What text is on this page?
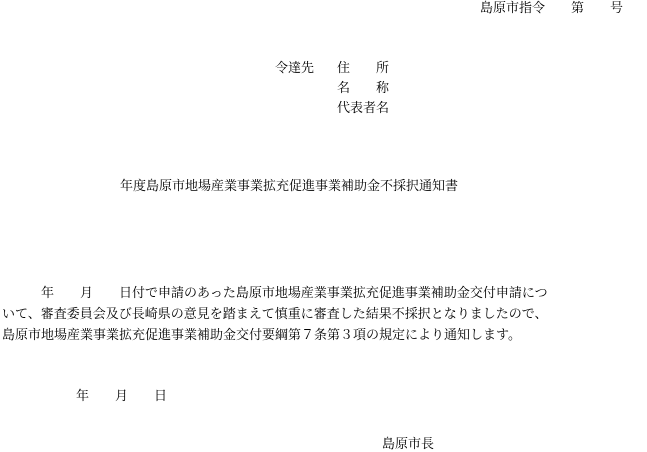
島原市指令　　第　　号
令達先 住　　所
名　　称
代表者名
年度島原市地場産業事業拡充促進事業補助金不採択通知書

　　　年　　月　　日付で申請のあった島原市地場産業事業拡充促進事業補助金交付申請につ
いて、審査委員会及び長崎県の意見を踏まえて慎重に審査した結果不採択となりましたので、
島原市地場産業事業拡充促進事業補助金交付要綱第７条第３項の規定により通知します。

年　　月　　日
島原市長
